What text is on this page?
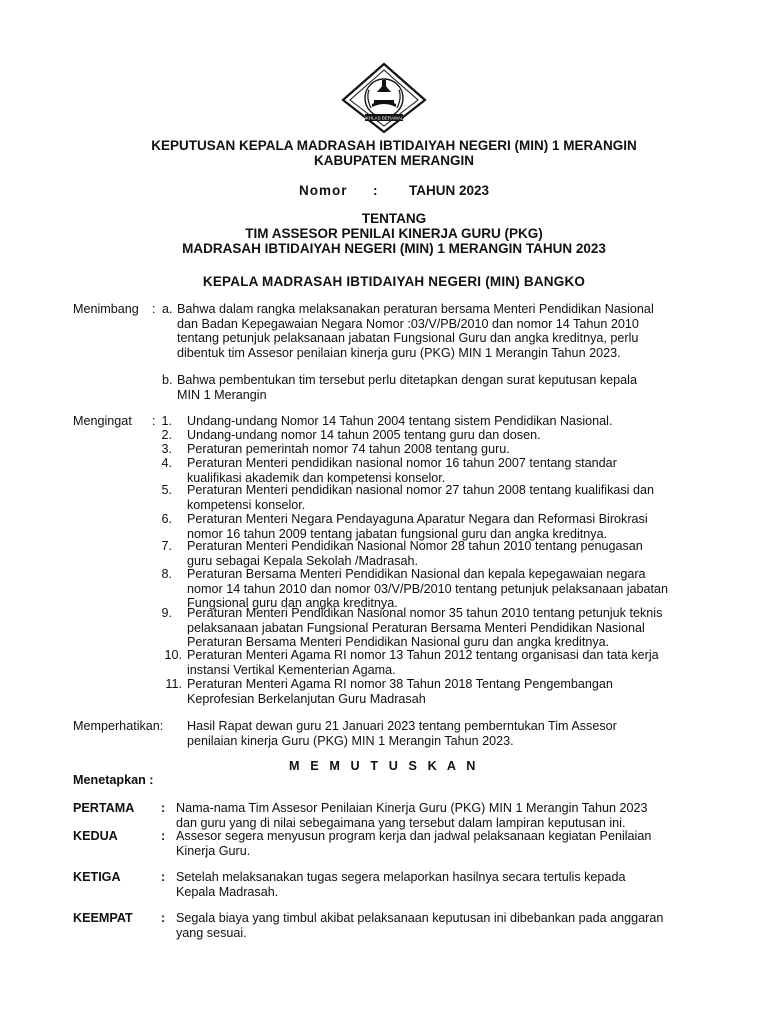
IKHLAS BERAMAL
KEPUTUSAN KEPALA MADRASAH IBTIDAIYAH NEGERI (MIN) 1 MERANGIN
KABUPATEN MERANGIN
Nomor : TAHUN 2023
TENTANG
TIM ASSESOR PENILAI KINERJA GURU (PKG)
MADRASAH IBTIDAIYAH NEGERI (MIN) 1 MERANGIN TAHUN 2023
KEPALA MADRASAH IBTIDAIYAH NEGERI (MIN) BANGKO
Menimbang : a. Bahwa dalam rangka melaksanakan peraturan bersama Menteri Pendidikan Nasional
dan Badan Kepegawaian Negara Nomor :03/V/PB/2010 dan nomor 14 Tahun 2010
tentang petunjuk pelaksanaan jabatan Fungsional Guru dan angka kreditnya, perlu
dibentuk tim Assesor penilaian kinerja guru (PKG) MIN 1 Merangin Tahun 2023.
b. Bahwa pembentukan tim tersebut perlu ditetapkan dengan surat keputusan kepala
MIN 1 Merangin
Mengingat : 1. Undang-undang Nomor 14 Tahun 2004 tentang sistem Pendidikan Nasional.
2. Undang-undang nomor 14 tahun 2005 tentang guru dan dosen.
3. Peraturan pemerintah nomor 74 tahun 2008 tentang guru.
4. Peraturan Menteri pendidikan nasional nomor 16 tahun 2007 tentang standar
kualifikasi akademik dan kompetensi konselor.
5. Peraturan Menteri pendidikan nasional nomor 27 tahun 2008 tentang kualifikasi dan
kompetensi konselor.
6. Peraturan Menteri Negara Pendayaguna Aparatur Negara dan Reformasi Birokrasi
nomor 16 tahun 2009 tentang jabatan fungsional guru dan angka kreditnya.
7. Peraturan Menteri Pendidikan Nasional Nomor 28 tahun 2010 tentang penugasan
guru sebagai Kepala Sekolah /Madrasah.
8. Peraturan Bersama Menteri Pendidikan Nasional dan kepala kepegawaian negara
nomor 14 tahun 2010 dan nomor 03/V/PB/2010 tentang petunjuk pelaksanaan jabatan
Fungsional guru dan angka kreditnya.
9. Peraturan Menteri Pendidikan Nasional nomor 35 tahun 2010 tentang petunjuk teknis
pelaksanaan jabatan Fungsional Peraturan Bersama Menteri Pendidikan Nasional
Peraturan Bersama Menteri Pendidikan Nasional guru dan angka kreditnya.
10. Peraturan Menteri Agama RI nomor 13 Tahun 2012 tentang organisasi dan tata kerja
instansi Vertikal Kementerian Agama.
11. Peraturan Menteri Agama RI nomor 38 Tahun 2018 Tentang Pengembangan
Keprofesian Berkelanjutan Guru Madrasah
Memperhatikan: Hasil Rapat dewan guru 21 Januari 2023 tentang pemberntukan Tim Assesor
penilaian kinerja Guru (PKG) MIN 1 Merangin Tahun 2023.
M E M U T U S K A N
Menetapkan :
PERTAMA : Nama-nama Tim Assesor Penilaian Kinerja Guru (PKG) MIN 1 Merangin Tahun 2023
dan guru yang di nilai sebegaimana yang tersebut dalam lampiran keputusan ini.
KEDUA	: Assesor segera menyusun program kerja dan jadwal pelaksanaan kegiatan Penilaian
Kinerja Guru.
KETIGA	: Setelah melaksanakan tugas segera melaporkan hasilnya secara tertulis kepada
Kepala Madrasah.
KEEMPAT : Segala biaya yang timbul akibat pelaksanaan keputusan ini dibebankan pada anggaran
yang sesuai.
